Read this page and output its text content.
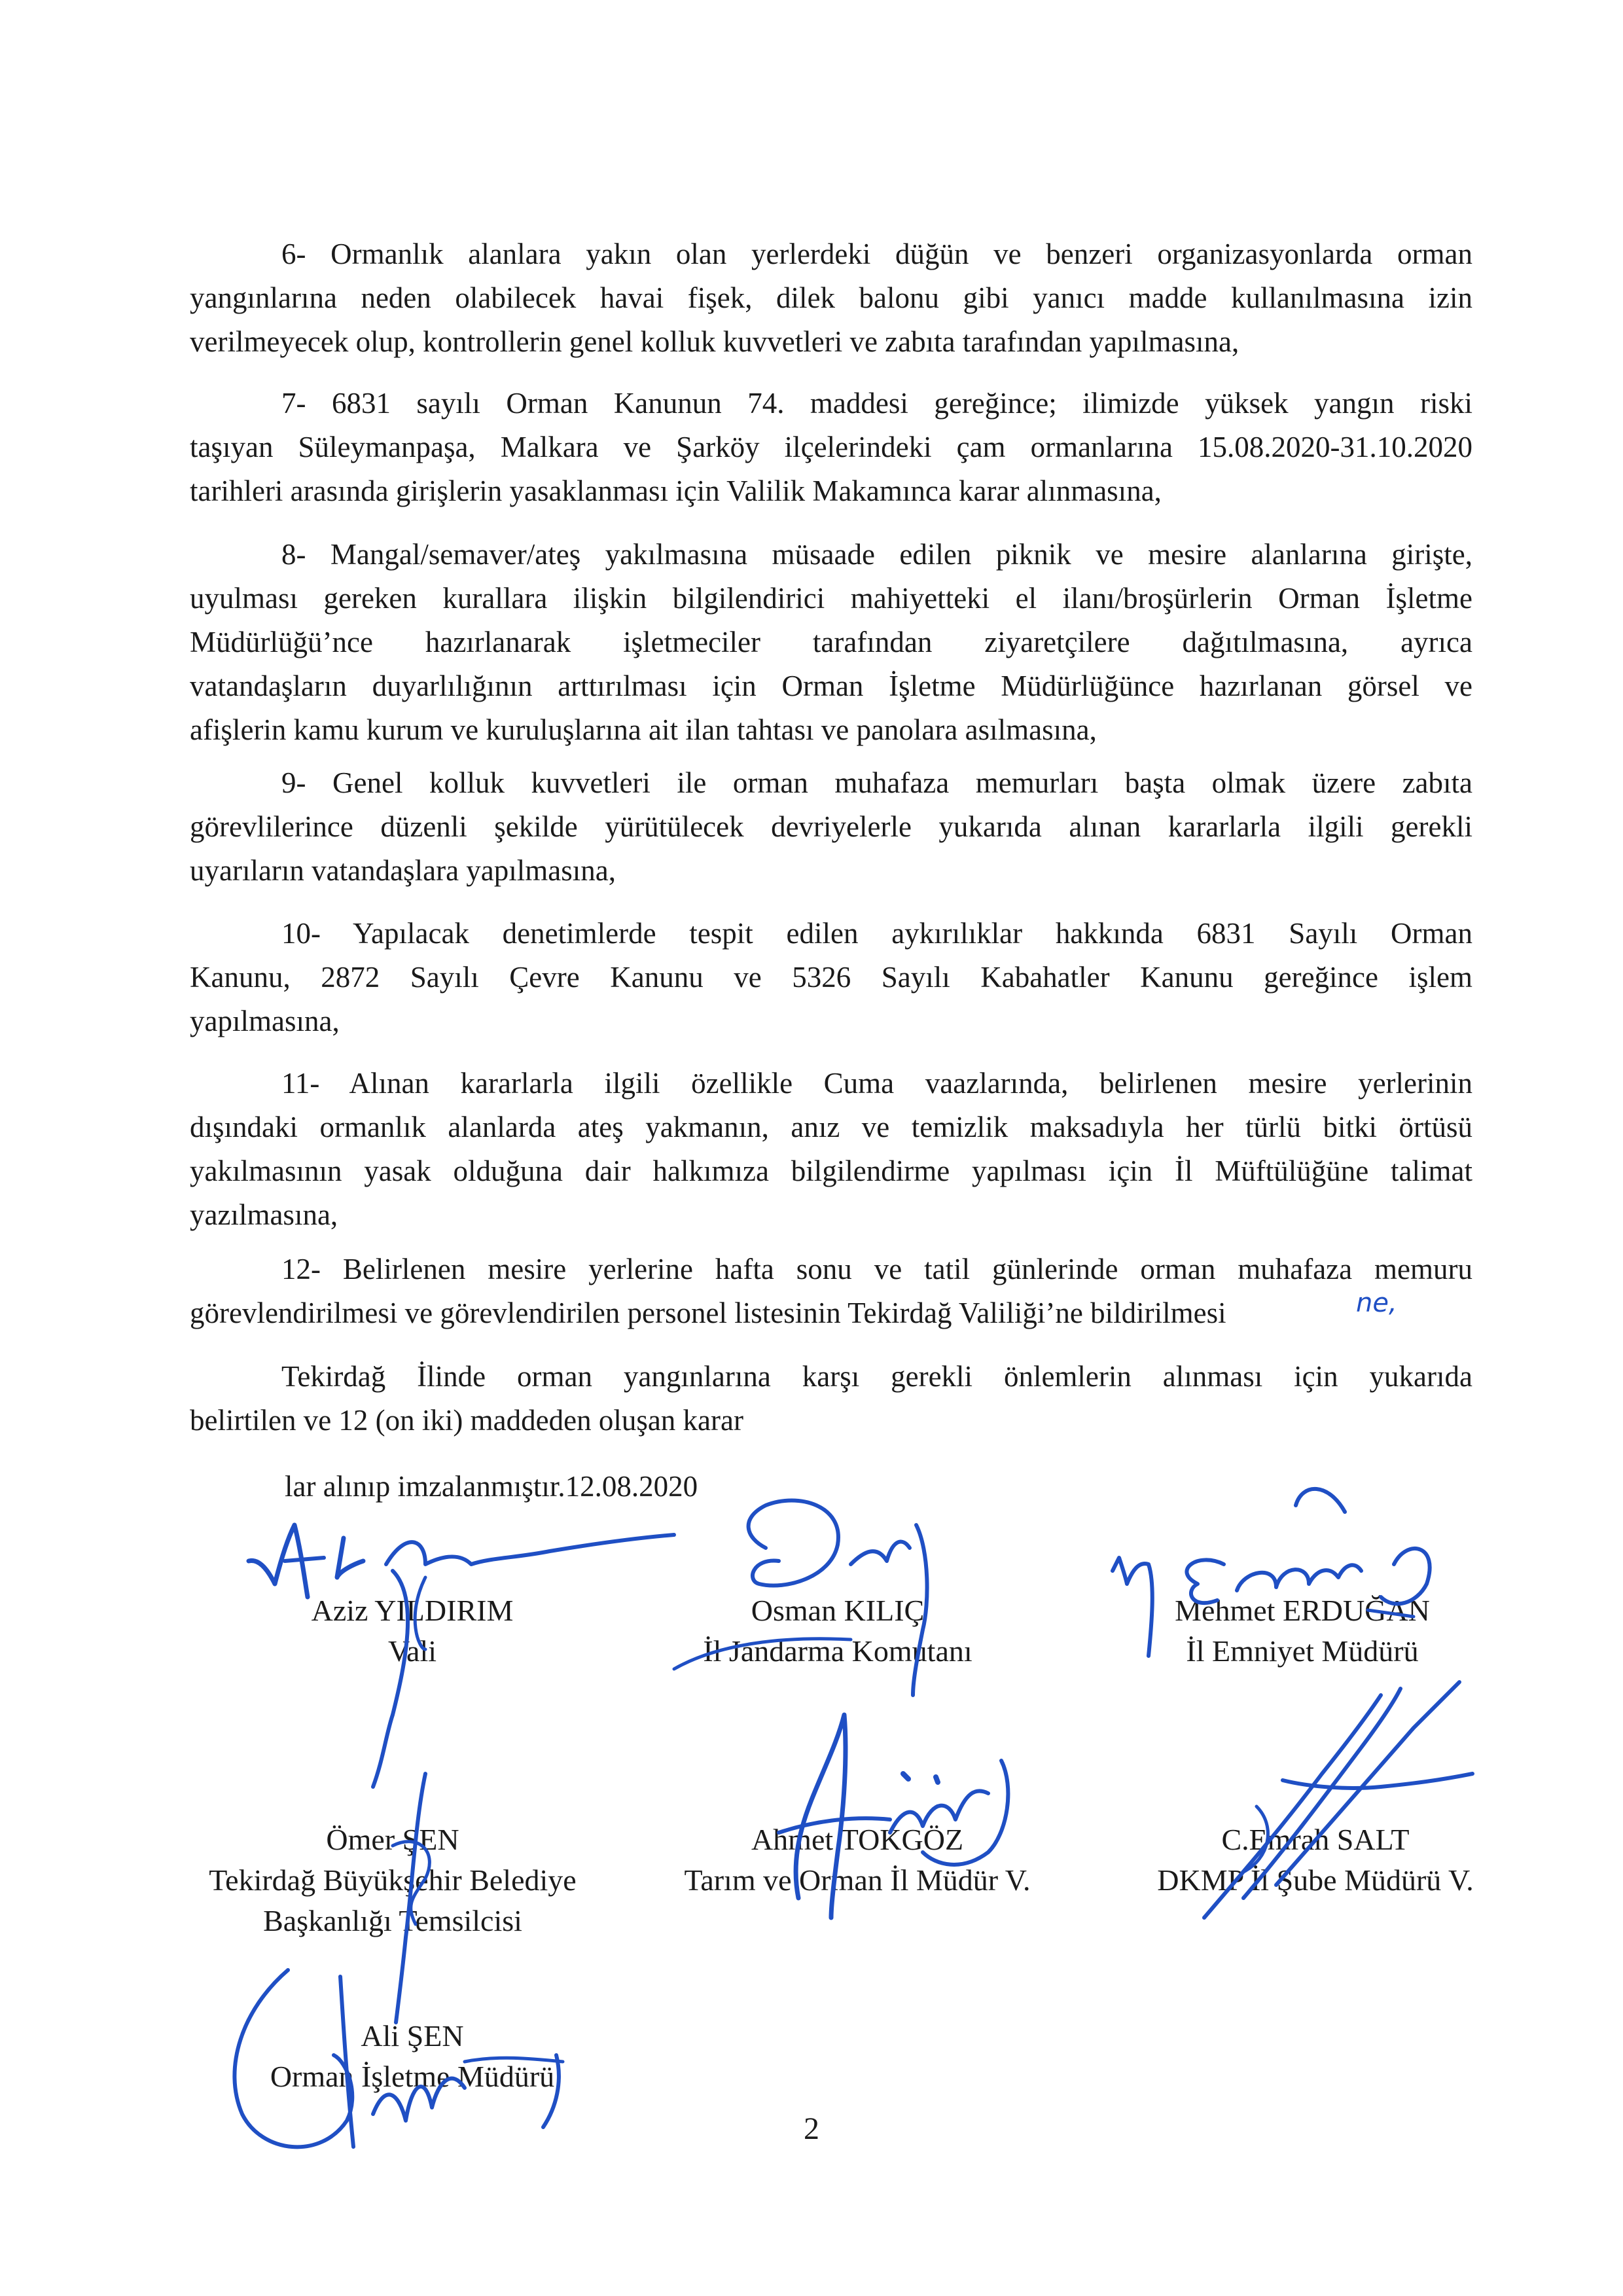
6- Ormanlık alanlara yakın olan yerlerdeki düğün ve benzeri organizasyonlarda orman
yangınlarına neden olabilecek havai fişek, dilek balonu gibi yanıcı madde kullanılmasına izin
verilmeyecek olup, kontrollerin genel kolluk kuvvetleri ve zabıta tarafından yapılmasına,
7- 6831 sayılı Orman Kanunun 74. maddesi gereğince; ilimizde yüksek yangın riski
taşıyan Süleymanpaşa, Malkara ve Şarköy ilçelerindeki çam ormanlarına 15.08.2020-31.10.2020
tarihleri arasında girişlerin yasaklanması için Valilik Makamınca karar alınmasına,
8- Mangal/semaver/ateş yakılmasına müsaade edilen piknik ve mesire alanlarına girişte,
uyulması gereken kurallara ilişkin bilgilendirici mahiyetteki el ilanı/broşürlerin Orman İşletme
Müdürlüğü’nce hazırlanarak işletmeciler tarafından ziyaretçilere dağıtılmasına, ayrıca
vatandaşların duyarlılığının arttırılması için Orman İşletme Müdürlüğünce hazırlanan görsel ve
afişlerin kamu kurum ve kuruluşlarına ait ilan tahtası ve panolara asılmasına,
9- Genel kolluk kuvvetleri ile orman muhafaza memurları başta olmak üzere zabıta
görevlilerince düzenli şekilde yürütülecek devriyelerle yukarıda alınan kararlarla ilgili gerekli
uyarıların vatandaşlara yapılmasına,
10- Yapılacak denetimlerde tespit edilen aykırılıklar hakkında 6831 Sayılı Orman
Kanunu, 2872 Sayılı Çevre Kanunu ve 5326 Sayılı Kabahatler Kanunu gereğince işlem
yapılmasına,
11- Alınan kararlarla ilgili özellikle Cuma vaazlarında, belirlenen mesire yerlerinin
dışındaki ormanlık alanlarda ateş yakmanın, anız ve temizlik maksadıyla her türlü bitki örtüsü
yakılmasının yasak olduğuna dair halkımıza bilgilendirme yapılması için İl Müftülüğüne talimat
yazılmasına,
12- Belirlenen mesire yerlerine hafta sonu ve tatil günlerinde orman muhafaza memuru
görevlendirilmesi ve görevlendirilen personel listesinin Tekirdağ Valiliği’ne bildirilmesi	ne,
Tekirdağ İlinde orman yangınlarına karşı gerekli önlemlerin alınması için yukarıda
belirtilen ve 12 (on iki) maddeden oluşan karar
lar alınıp imzalanmıştır.12.08.2020
Aziz YILDIRIM
Vali
Osman KILIÇ
İl Jandarma Komutanı
Mehmet ERDUĞAN
İl Emniyet Müdürü
Ömer ŞEN
Tekirdağ Büyükşehir Belediye
Başkanlığı Temsilcisi
Ahmet TOKGÖZ
Tarım ve Orman İl Müdür V.
C.Emrah SALT
DKMP İl Şube Müdürü V.
Ali ŞEN
Orman İşletme Müdürü
2
